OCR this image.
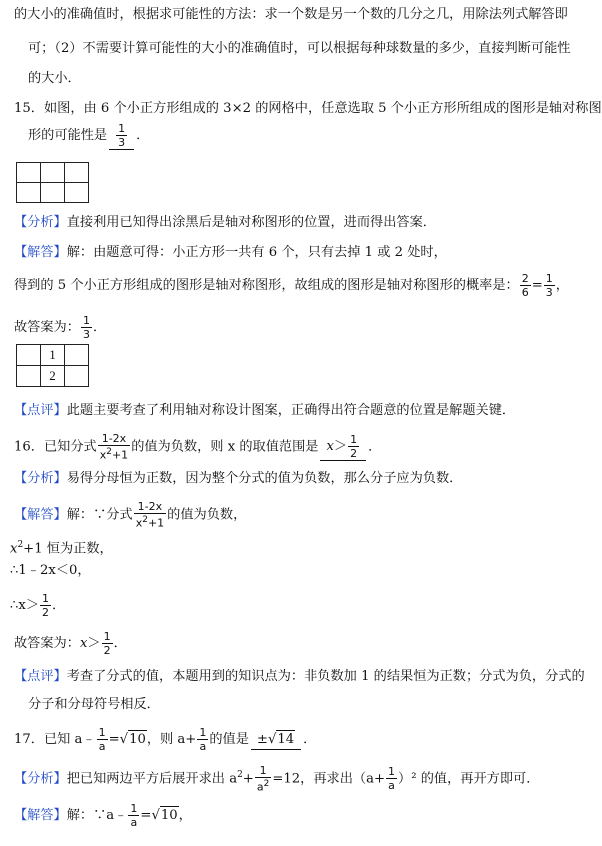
的大小的准确值时，根据求可能性的方法：求一个数是另一个数的几分之几，用除法列式解答即
可；（2）不需要计算可能性的大小的准确值时，可以根据每种球数量的多少，直接判断可能性
的大小．
15．如图，由 6 个小正方形组成的 3×2 的网格中，任意选取 5 个小正方形所组成的图形是轴对称图
形的可能性是 $\frac{1}{3}$ ．

【分析】直接利用已知得出涂黑后是轴对称图形的位置，进而得出答案．
【解答】解：由题意可得：小正方形一共有 6 个，只有去掉 1 或 2 处时，
得到的 5 个小正方形组成的图形是轴对称图形，故组成的图形是轴对称图形的概率是： $\frac{2}{6} = \frac{1}{3}$ ，
故答案为： $\frac{1}{3}$ ．
	1	
	2	
【点评】此题主要考查了利用轴对称设计图案，正确得出符合题意的位置是解题关键．
16．已知分式 $\frac{1-2x}{x^2+1}$ 的值为负数，则 x 的取值范围是 $x> \frac{1}{2}$ ．
【分析】易得分母恒为正数，因为整个分式的值为负数，那么分子应为负数．
【解答】解：∵分式 $\frac{1-2x}{x^2+1}$ 的值为负数，
$x^2+1$ 恒为正数，
∴1﹣2x＜0，
∴x＞ $\frac{1}{2}$ ．
故答案为：$x> \frac{1}{2}$ ．
【点评】考查了分式的值，本题用到的知识点为：非负数加 1 的结果恒为正数；分式为负，分式的
分子和分母符号相反．
17．已知 a﹣ $\frac{1}{a} =√10$，则 $a+ \frac{1}{a}$ 的值是 ±√14 ．
【分析】把已知两边平方后展开求出 $a^2+ \frac{1}{a^2} =12$，再求出$(a+ \frac{1}{a} )^2$ 的值，再开方即可．
【解答】解：∵a﹣ $\frac{1}{a} =√10$，
